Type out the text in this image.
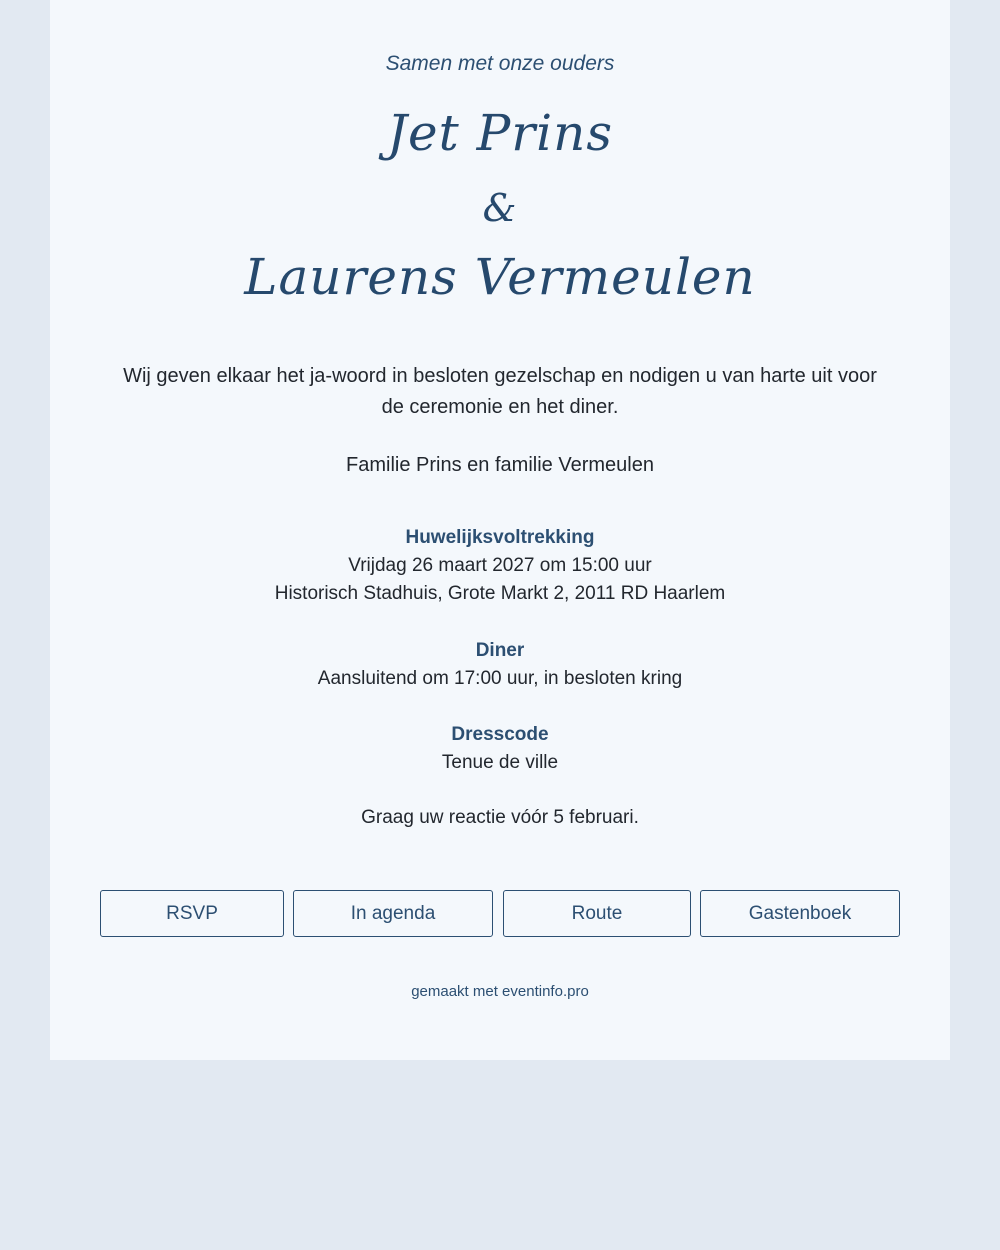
Samen met onze ouders
Jet Prins
&
Laurens Vermeulen
Wij geven elkaar het ja-woord in besloten gezelschap en nodigen u van harte uit voor de ceremonie en het diner.
Familie Prins en familie Vermeulen
Huwelijksvoltrekking
Vrijdag 26 maart 2027 om 15:00 uur
Historisch Stadhuis, Grote Markt 2, 2011 RD Haarlem
Diner
Aansluitend om 17:00 uur, in besloten kring
Dresscode
Tenue de ville
Graag uw reactie vóór 5 februari.
RSVP	In agenda	Route	Gastenboek
gemaakt met eventinfo.pro
